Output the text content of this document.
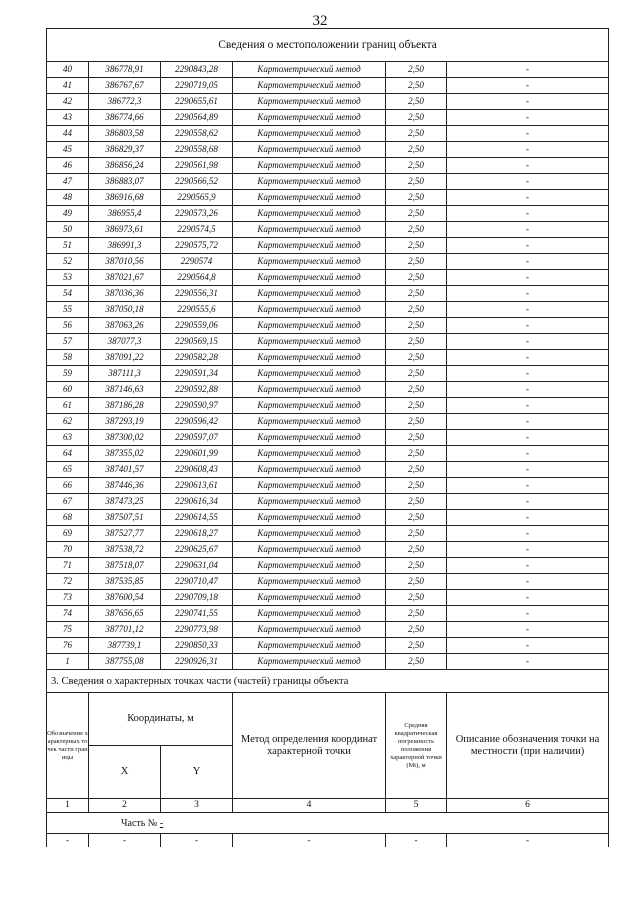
32
Сведения о местоположении границ объекта					
40	386778,91	2290843,28	Картометрический метод	2,50	-
41	386767,67	2290719,05	Картометрический метод	2,50	-
42	386772,3	2290655,61	Картометрический метод	2,50	-
43	386774,66	2290564,89	Картометрический метод	2,50	-
44	386803,58	2290558,62	Картометрический метод	2,50	-
45	386829,37	2290558,68	Картометрический метод	2,50	-
46	386856,24	2290561,98	Картометрический метод	2,50	-
47	386883,07	2290566,52	Картометрический метод	2,50	-
48	386916,68	2290565,9	Картометрический метод	2,50	-
49	386955,4	2290573,26	Картометрический метод	2,50	-
50	386973,61	2290574,5	Картометрический метод	2,50	-
51	386991,3	2290575,72	Картометрический метод	2,50	-
52	387010,56	2290574	Картометрический метод	2,50	-
53	387021,67	2290564,8	Картометрический метод	2,50	-
54	387036,36	2290556,31	Картометрический метод	2,50	-
55	387050,18	2290555,6	Картометрический метод	2,50	-
56	387063,26	2290559,06	Картометрический метод	2,50	-
57	387077,3	2290569,15	Картометрический метод	2,50	-
58	387091,22	2290582,28	Картометрический метод	2,50	-
59	387111,3	2290591,34	Картометрический метод	2,50	-
60	387146,63	2290592,88	Картометрический метод	2,50	-
61	387186,28	2290590,97	Картометрический метод	2,50	-
62	387293,19	2290596,42	Картометрический метод	2,50	-
63	387300,02	2290597,07	Картометрический метод	2,50	-
64	387355,02	2290601,99	Картометрический метод	2,50	-
65	387401,57	2290608,43	Картометрический метод	2,50	-
66	387446,36	2290613,61	Картометрический метод	2,50	-
67	387473,25	2290616,34	Картометрический метод	2,50	-
68	387507,51	2290614,55	Картометрический метод	2,50	-
69	387527,77	2290618,27	Картометрический метод	2,50	-
70	387538,72	2290625,67	Картометрический метод	2,50	-
71	387518,07	2290631,04	Картометрический метод	2,50	-
72	387535,85	2290710,47	Картометрический метод	2,50	-
73	387600,54	2290709,18	Картометрический метод	2,50	-
74	387656,65	2290741,55	Картометрический метод	2,50	-
75	387701,12	2290773,98	Картометрический метод	2,50	-
76	387739,1	2290850,33	Картометрический метод	2,50	-
1	387755,08	2290926,31	Картометрический метод	2,50	-
3. Сведения о характерных точках части (частей) границы объекта					
Обозначение характерных точек части границы	Координаты, м		Метод определения координат характерной точки	Средняя квадратическая погрешность положения характерной точки (Mt), м	Описание обозначения точки на местности (при наличии)
	X	Y			
1	2	3	4	5	6
Часть № -					
-	-	-	-	-	-
